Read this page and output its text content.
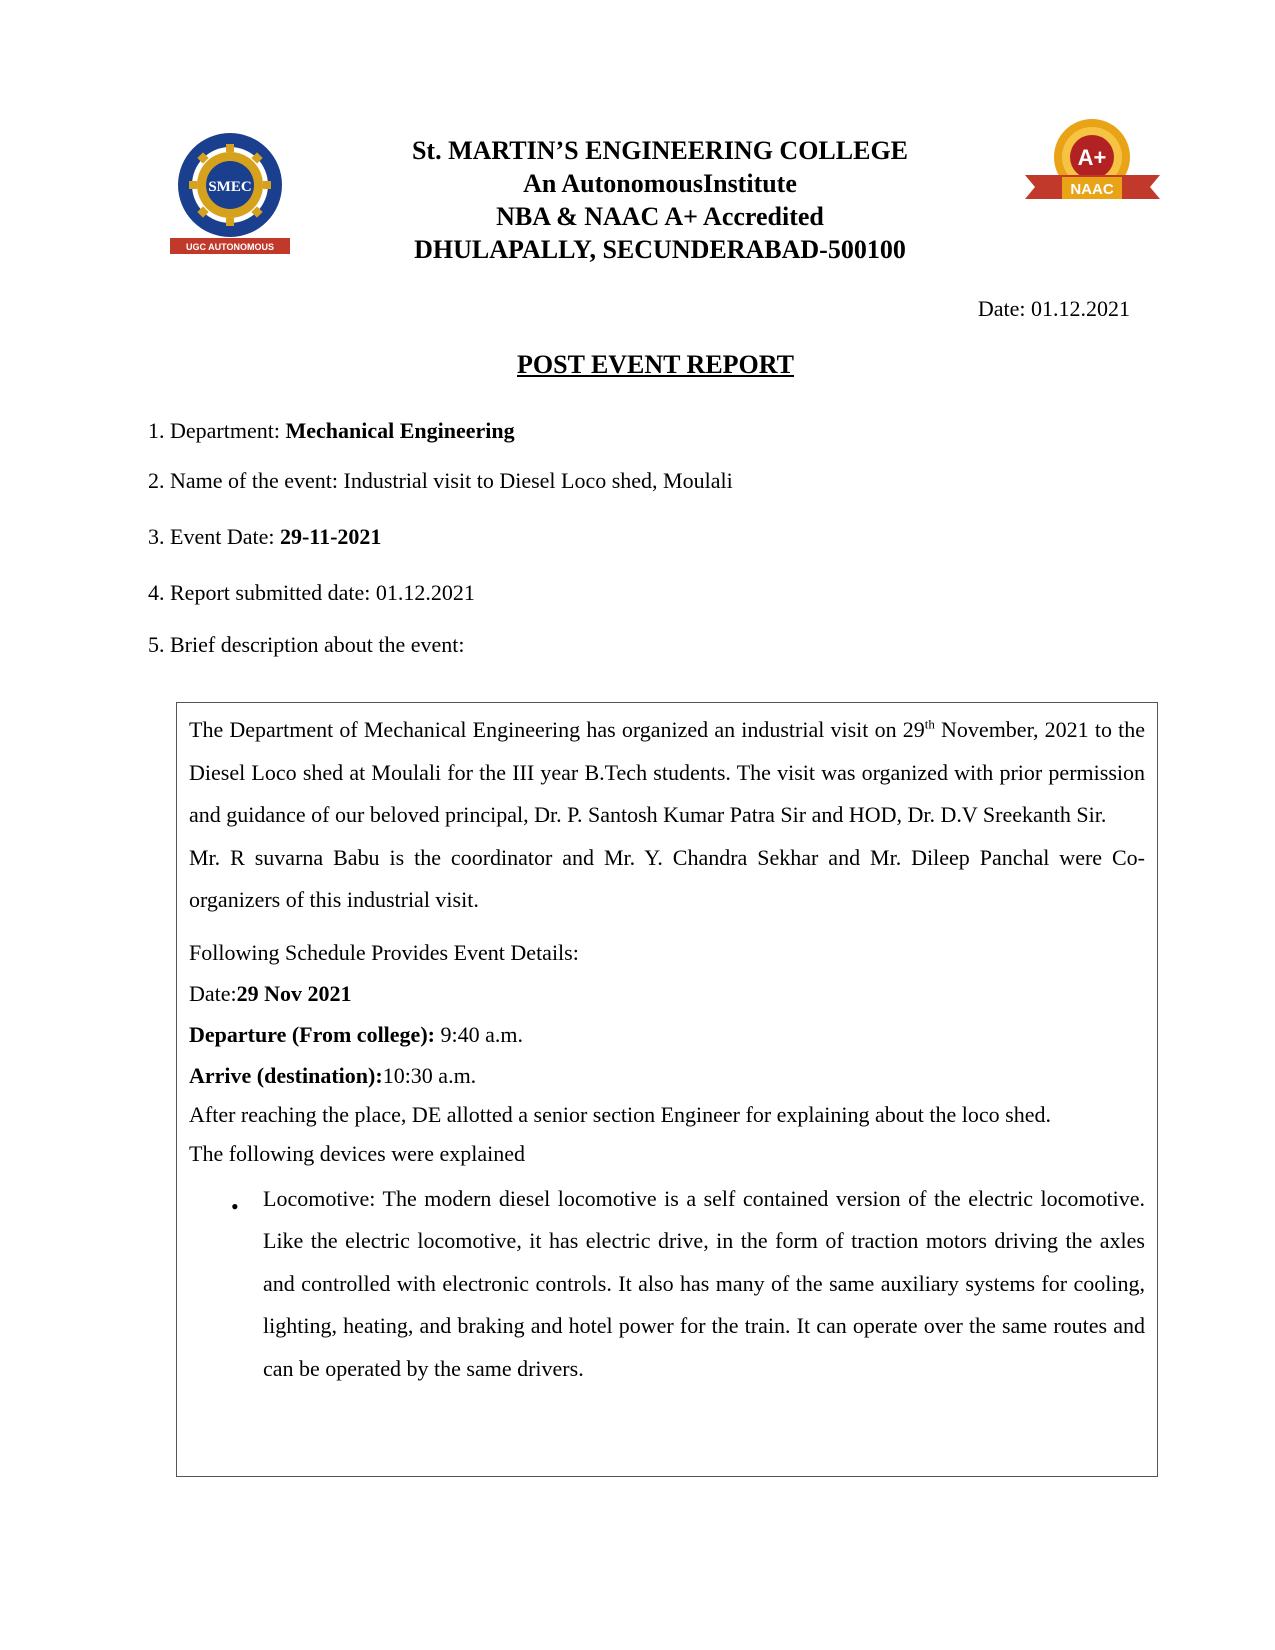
SMEC
UGC AUTONOMOUS
St. MARTIN’S ENGINEERING COLLEGE
An AutonomousInstitute
NBA & NAAC A+ Accredited
DHULAPALLY, SECUNDERABAD-500100
A+
NAAC
Date: 01.12.2021
POST EVENT REPORT
1. Department: Mechanical Engineering
2. Name of the event: Industrial visit to Diesel Loco shed, Moulali
3. Event Date: 29-11-2021
4. Report submitted date: 01.12.2021
5. Brief description about the event:

The Department of Mechanical Engineering has organized an industrial visit on 29th November, 2021 to the Diesel Loco shed at Moulali for the III year B.Tech students. The visit was organized with prior permission and guidance of our beloved principal, Dr. P. Santosh Kumar Patra Sir and HOD, Dr. D.V Sreekanth Sir.

Mr. R suvarna Babu is the coordinator and Mr. Y. Chandra Sekhar and Mr. Dileep Panchal were Co-organizers of this industrial visit.

Following Schedule Provides Event Details:

Date:29 Nov 2021

Departure (From college): 9:40 a.m.

Arrive (destination):10:30 a.m.

After reaching the place, DE allotted a senior section Engineer for explaining about the loco shed.

The following devices were explained

• Locomotive: The modern diesel locomotive is a self contained version of the electric locomotive. Like the electric locomotive, it has electric drive, in the form of traction motors driving the axles and controlled with electronic controls. It also has many of the same auxiliary systems for cooling, lighting, heating, and braking and hotel power for the train. It can operate over the same routes and can be operated by the same drivers.
